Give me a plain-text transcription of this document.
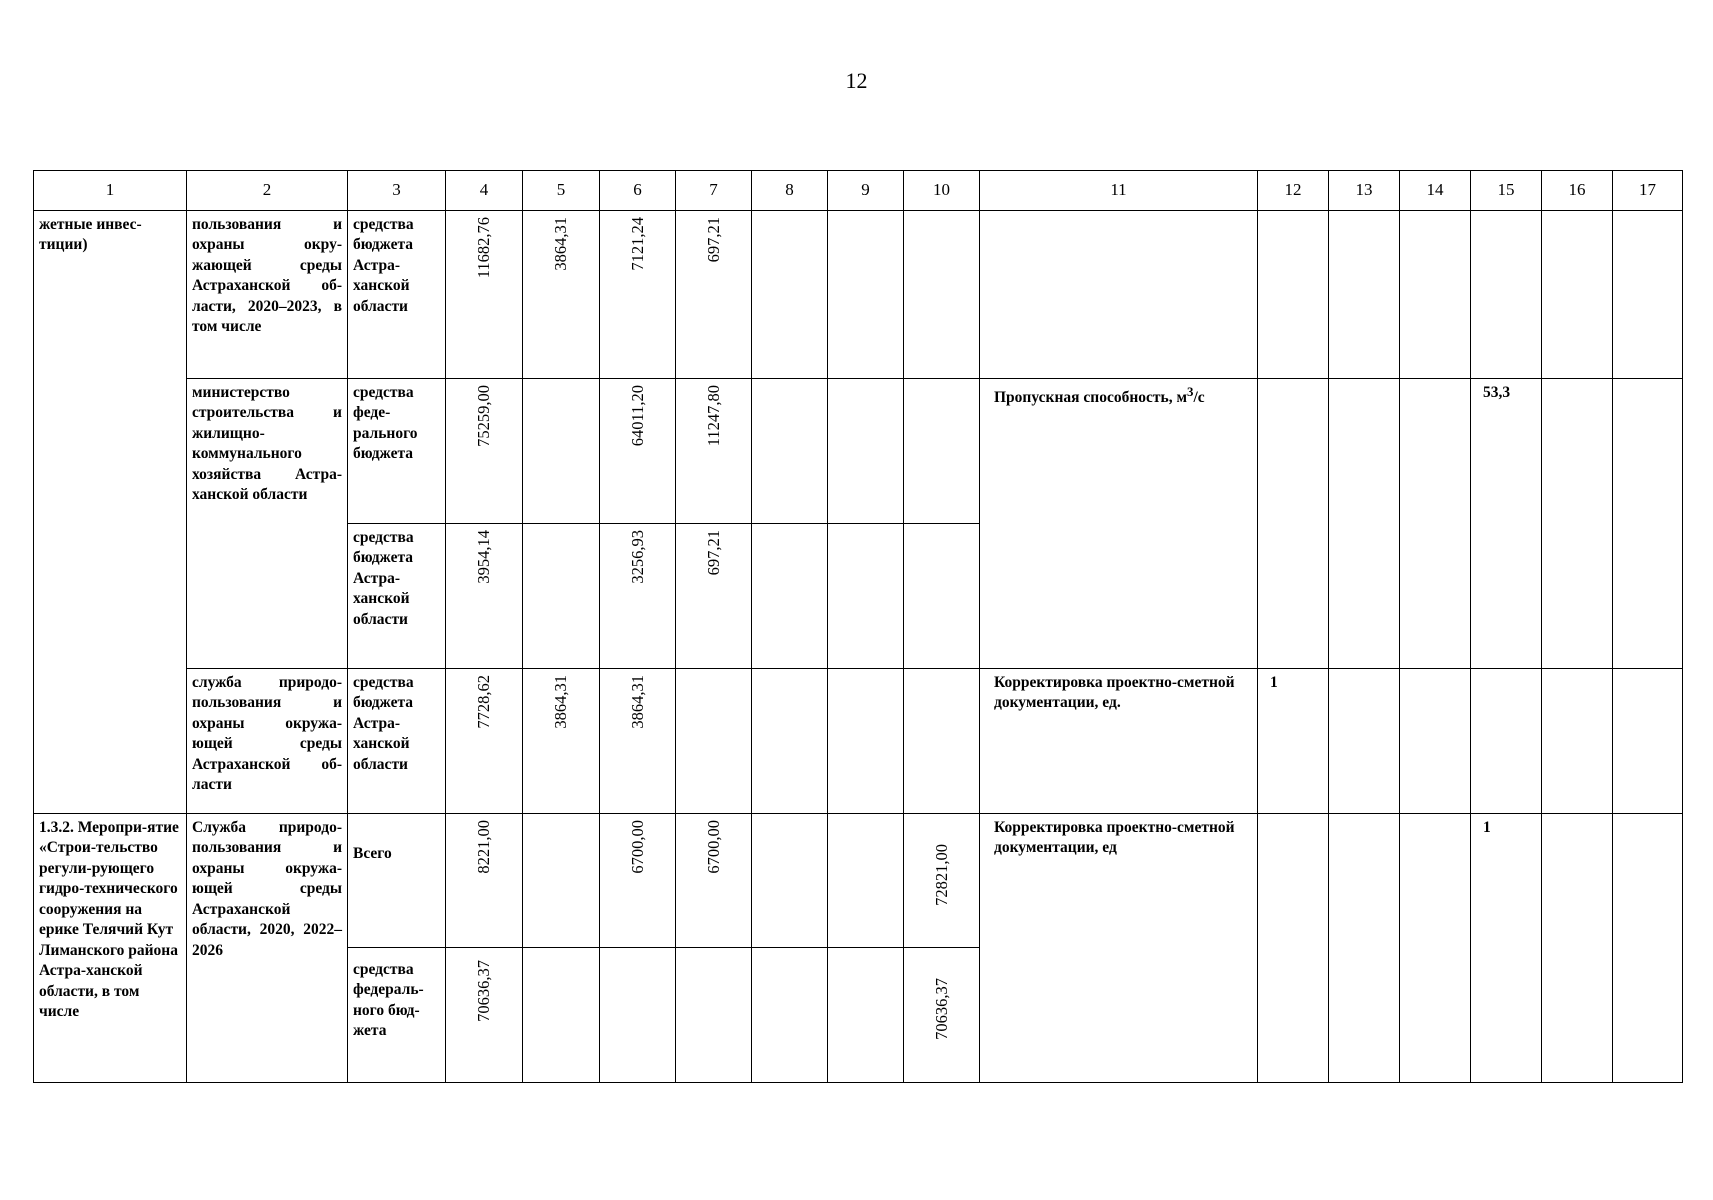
12
1	2	3	4	5	6	7	8	9	10	11	12	13	14	15	16	17
жетные инвес-тиции)	пользования и охраны окру-жающей среды Астраханской об-ласти, 2020–2023, в том числе	средства бюджета Астра-ханской области	11682,76	3864,31	7121,24	697,21										

	министерство строительства и жилищно-коммунального хозяйства Астра-ханской области	средства феде-рального бюджета	75259,00		64011,20	11247,80				Пропускная способность, $м^3/с$				53,3		
		средства бюджета Астра-ханской области	3954,14		3256,93	697,21										

	служба природо-пользования и охраны окружа-ющей среды Астраханской об-ласти	средства бюджета Астра-ханской области	7728,62	3864,31	3864,31					Корректировка проектно-сметной документации, ед.	1					
1.3.2. Меропри-ятие «Строи-тельство регули-рующего гидро-технического сооружения на ерике Телячий Кут Лиманского района Астра-ханской области, в том числе	Служба природо-пользования и охраны окружа-ющей среды Астраханской области, 2020, 2022–2026	Всего	8221,00		6700,00	6700,00			72821,00	Корректировка проектно-сметной документации, ед				1		
		средства федераль-ного бюд-жета	70636,37						70636,37							
